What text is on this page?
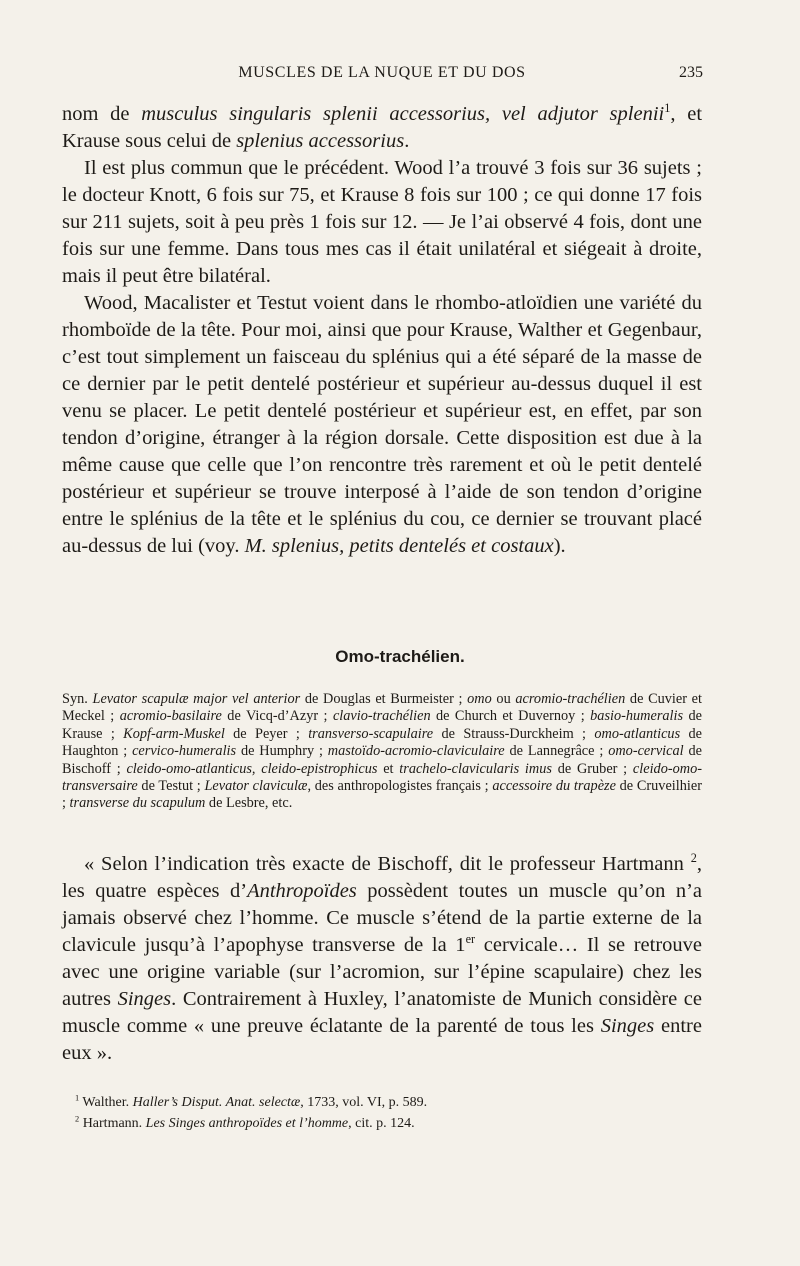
MUSCLES DE LA NUQUE ET DU DOS	235

nom de musculus singularis splenii accessorius, vel adjutor splenii$^1$, et Krause sous celui de splenius accessorius.

Il est plus commun que le précédent. Wood l’a trouvé 3 fois sur 36 sujets ; le docteur Knott, 6 fois sur 75, et Krause 8 fois sur 100 ; ce qui donne 17 fois sur 211 sujets, soit à peu près 1 fois sur 12. — Je l’ai observé 4 fois, dont une fois sur une femme. Dans tous mes cas il était unilatéral et siégeait à droite, mais il peut être bilatéral.

Wood, Macalister et Testut voient dans le rhombo-atloïdien une variété du rhomboïde de la tête. Pour moi, ainsi que pour Krause, Walther et Gegenbaur, c’est tout simplement un faisceau du splénius qui a été séparé de la masse de ce dernier par le petit dentelé postérieur et supérieur au-dessus duquel il est venu se placer. Le petit dentelé postérieur et supérieur est, en effet, par son tendon d’origine, étranger à la région dorsale. Cette disposition est due à la même cause que celle que l’on rencontre très rarement et où le petit dentelé postérieur et supérieur se trouve interposé à l’aide de son tendon d’origine entre le splénius de la tête et le splénius du cou, ce dernier se trouvant placé au-dessus de lui (voy. M. splenius, petits dentelés et costaux).

Omo-trachélien.
Syn. Levator scapulæ major vel anterior de Douglas et Burmeister ; omo ou acromio-trachélien de Cuvier et Meckel ; acromio-basilaire de Vicq-d’Azyr ; clavio-trachélien de Church et Duvernoy ; basio-humeralis de Krause ; Kopf-arm-Muskel de Peyer ; transverso-scapulaire de Strauss-Durckheim ; omo-atlanticus de Haughton ; cervico-humeralis de Humphry ; mastoïdo-acromio-claviculaire de Lannegrâce ; omo-cervical de Bischoff ; cleido-omo-atlanticus, cleido-epistrophicus et trachelo-clavicularis imus de Gruber ; cleido-omo-transversaire de Testut ; Levator claviculæ, des anthropologistes français ; accessoire du trapèze de Cruveilhier ; transverse du scapulum de Lesbre, etc.

« Selon l’indication très exacte de Bischoff, dit le professeur Hartmann $^2$, les quatre espèces d’Anthropoïdes possèdent toutes un muscle qu’on n’a jamais observé chez l’homme. Ce muscle s’étend de la partie externe de la clavicule jusqu’à l’apophyse transverse de la 1er cervicale… Il se retrouve avec une origine variable (sur l’acromion, sur l’épine scapulaire) chez les autres Singes. Contrairement à Huxley, l’anatomiste de Munich considère ce muscle comme « une preuve éclatante de la parenté de tous les Singes entre eux ».

$^1$ Walther. Haller’s Disput. Anat. selectæ, 1733, vol. VI, p. 589.

$^2$ Hartmann. Les Singes anthropoïdes et l’homme, cit. p. 124.
